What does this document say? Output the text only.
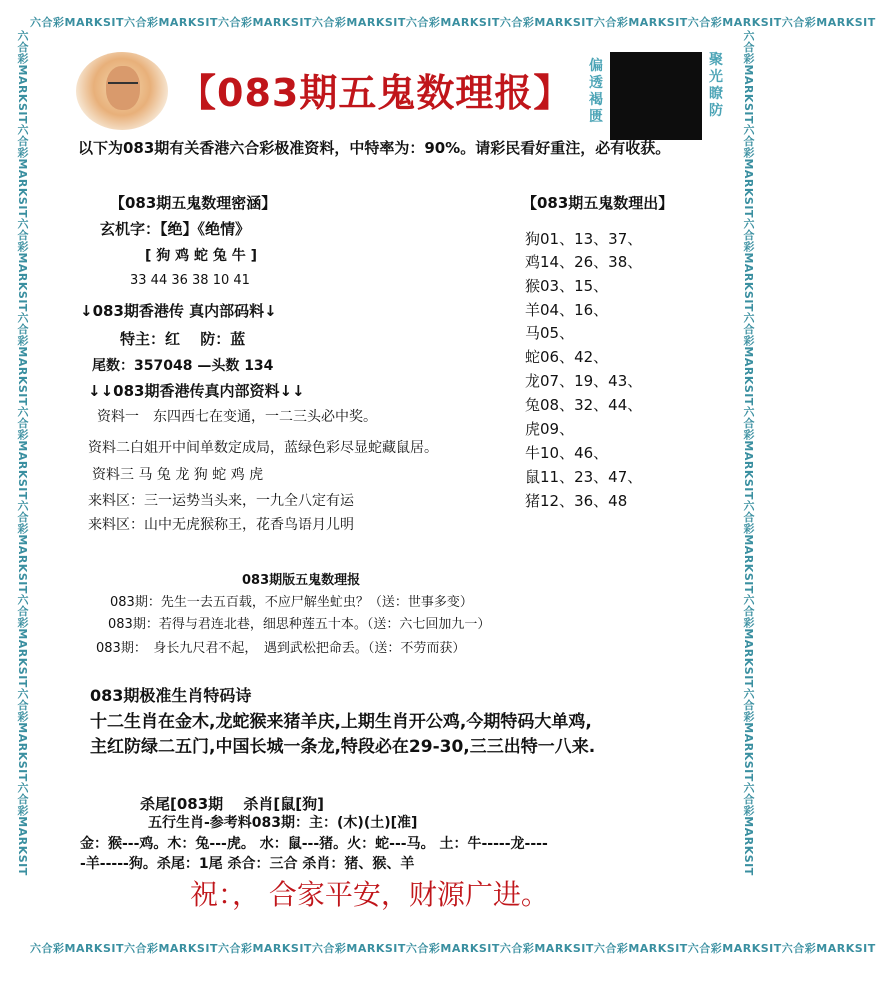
六合彩MARKSIT六合彩MARKSIT六合彩MARKSIT六合彩MARKSIT六合彩MARKSIT六合彩MARKSIT六合彩MARKSIT六合彩MARKSIT六合彩MARKSIT
六合彩MARKSIT六合彩MARKSIT六合彩MARKSIT六合彩MARKSIT六合彩MARKSIT六合彩MARKSIT六合彩MARKSIT六合彩MARKSIT六合彩MARKSIT
六合彩MARKSIT六合彩MARKSIT六合彩MARKSIT六合彩MARKSIT六合彩MARKSIT六合彩MARKSIT六合彩MARKSIT六合彩MARKSIT六合彩MARKSIT	六合彩MARKSIT六合彩MARKSIT六合彩MARKSIT六合彩MARKSIT六合彩MARKSIT六合彩MARKSIT六合彩MARKSIT六合彩MARKSIT六合彩MARKSIT
【083期五鬼数理报】
偏透褐匮
聚光瞭防
以下为083期有关香港六合彩极准资料，中特率为：90%。请彩民看好重注，必有收获。
【083期五鬼数理密涵】
玄机字：【绝】《绝情》
[ 狗 鸡 蛇 兔 牛 ]
33 44 36 38 10 41
↓083期香港传 真内部码料↓
特主：红　 防：蓝
尾数：357048 —头数 134
↓↓083期香港传真内部资料↓↓
资料一　东四西七在变通，一二三头必中奖。
资料二白姐开中间单数定成局，蓝绿色彩尽显蛇藏鼠居。
资料三 马 兔 龙 狗 蛇 鸡 虎
来料区：三一运势当头来，一九全八定有运
来料区：山中无虎猴称王，花香鸟语月儿明
【083期五鬼数理出】
狗01、13、37、
鸡14、26、38、
猴03、15、
羊04、16、
马05、
蛇06、42、
龙07、19、43、
兔08、32、44、
虎09、
牛10、46、
鼠11、23、47、
猪12、36、48
083期版五鬼数理报
083期：先生一去五百载，不应尸解坐虻虫？（送：世事多变）
083期：若得与君连北巷，细思种莲五十本。（送：六七回加九一）
083期：　身长九尺君不起，　遇到武松把命丢。（送：不劳而获）
083期极准生肖特码诗
十二生肖在金木,龙蛇猴来猪羊庆,上期生肖开公鸡,今期特码大单鸡,
主红防绿二五门,中国长城一条龙,特段必在29-30,三三出特一八来.
杀尾[083期　 杀肖[鼠[狗]
五行生肖-参考料083期：主：(木)(土)[准]
金：猴---鸡。木：兔---虎。 水：鼠---猪。火：蛇---马。 土：牛-----龙----
-羊-----狗。杀尾：1尾 杀合：三合 杀肖：猪、猴、羊
祝：， 合家平安，财源广进。
